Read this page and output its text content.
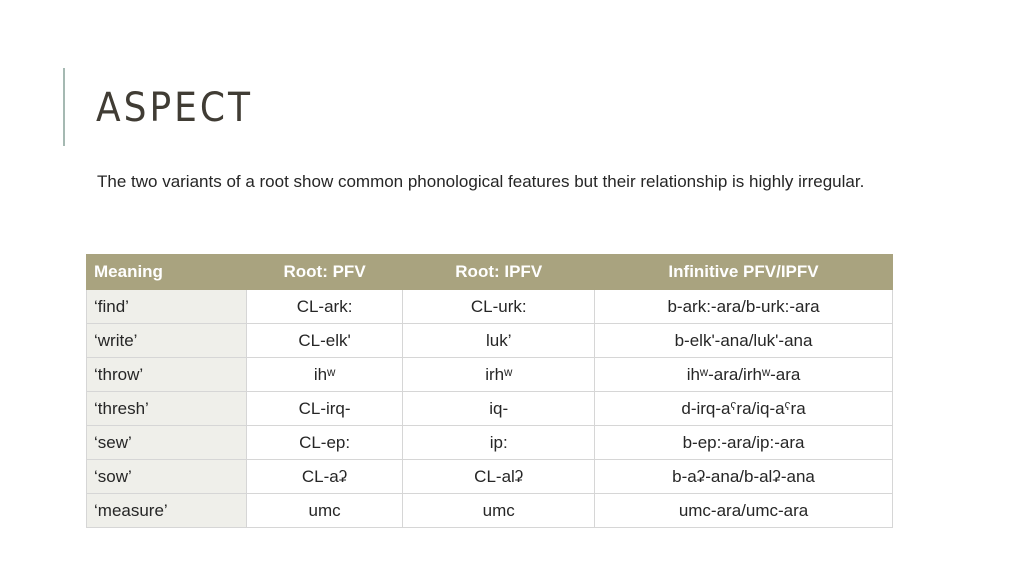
ASPECT

The two variants of a root show common phonological features but their relationship is highly irregular.

Meaning	Root: PFV	Root: IPFV	Infinitive PFV/IPFV
‘find’	CL-ark:	CL-urk:	b-ark:-ara/b-urk:-ara
‘write’	CL-elk'	luk’	b-elk'-ana/luk'-ana
‘throw’	ihʷ	irhʷ	ihʷ-ara/irhʷ-ara
‘thresh’	CL-irq-	iq-	d-irq-aˁra/iq-aˁra
‘sew’	CL-ep:	ip:	b-ep:-ara/ip:-ara
‘sow’	CL-aʡ	CL-alʡ	b-aʡ-ana/b-alʡ-ana
‘measure’	umc	umc	umc-ara/umc-ara
